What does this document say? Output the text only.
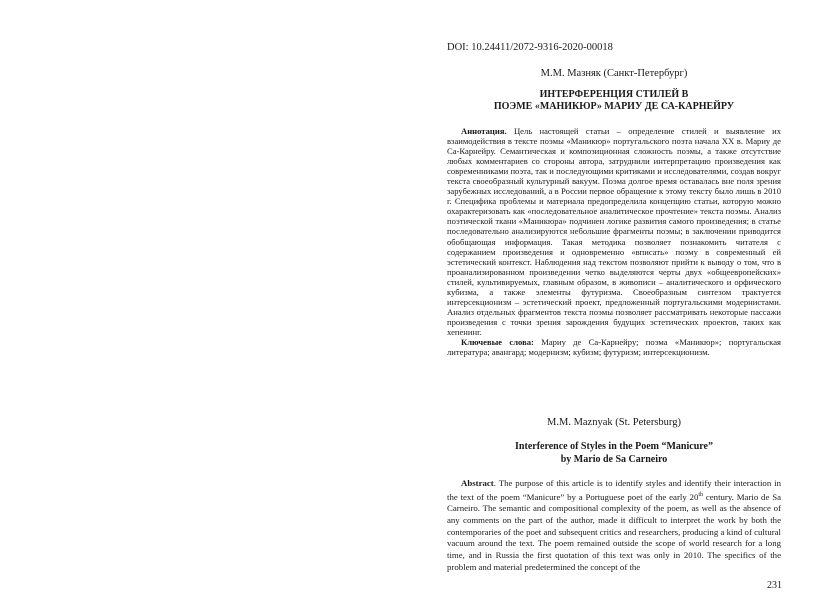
DOI: 10.24411/2072-9316-2020-00018
М.М. Мазняк (Санкт-Петербург)
ИНТЕРФЕРЕНЦИЯ СТИЛЕЙ В
ПОЭМЕ «МАНИКЮР» МАРИУ ДЕ СА-КАРНЕЙРУ

Аннотация. Цель настоящей статьи – определение стилей и выявление их взаимодействия в тексте поэмы «Маникюр» португальского поэта начала XX в. Мариу де Са-Карнейру. Семантическая и композиционная сложность поэмы, а также отсутствие любых комментариев со стороны автора, затруднили интерпретацию произведения как современниками поэта, так и последующими критиками и исследователями, создав вокруг текста своеобразный культурный вакуум. Поэма долгое время оставалась вне поля зрения зарубежных исследований, а в России первое обращение к этому тексту было лишь в 2010 г. Специфика проблемы и материала предопределила концепцию статьи, которую можно охарактеризовать как «последовательное аналитическое прочтение» текста поэмы. Анализ поэтической ткани «Маникюра» подчинен логике развития самого произведения; в статье последовательно анализируются небольшие фрагменты поэмы; в заключении приводится обобщающая информация. Такая методика позволяет познакомить читателя с содержанием произведения и одновременно «вписать» поэму в современный ей эстетический контекст. Наблюдения над текстом позволяют прийти к выводу о том, что в проанализированном произведении четко выделяются черты двух «общеевропейских» стилей, культивируемых, главным образом, в живописи – аналитического и орфического кубизма, а также элементы футуризма. Своеобразным синтезом трактуется интерсекционизм – эстетический проект, предложенный португальскими модернистами. Анализ отдельных фрагментов текста поэмы позволяет рассматривать некоторые пассажи произведения с точки зрения зарождения будущих эстетических проектов, таких как хепенинг.

Ключевые слова: Мариу де Са-Карнейру; поэма «Маникюр»; португальская литература; авангард; модернизм; кубизм; футуризм; интерсекционизм.

M.M. Maznyak (St. Petersburg)
Interference of Styles in the Poem “Manicure”
by Mario de Sa Carneiro

Abstract. The purpose of this article is to identify styles and identify their interaction in the text of the poem “Manicure” by a Portuguese poet of the early 20th century. Mario de Sa Carneiro. The semantic and compositional complexity of the poem, as well as the absence of any comments on the part of the author, made it difficult to interpret the work by both the contemporaries of the poet and subsequent critics and researchers, producing a kind of cultural vacuum around the text. The poem remained outside the scope of world research for a long time, and in Russia the first quotation of this text was only in 2010. The specifics of the problem and material predetermined the concept of the

231
